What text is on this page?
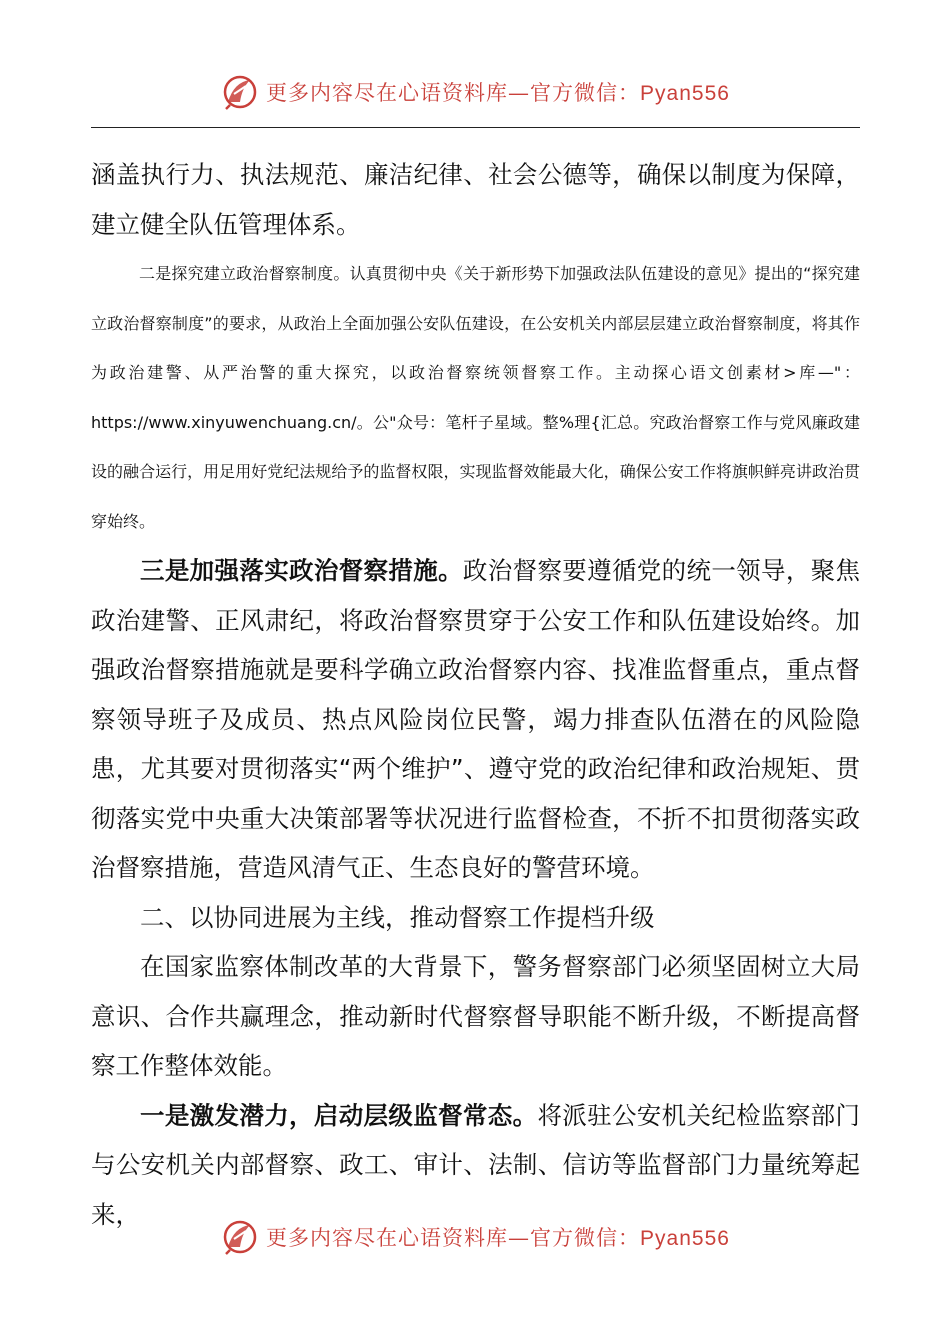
更多内容尽在心语资料库—官方微信：Pyan556

涵盖执行力、执法规范、廉洁纪律、社会公德等，确保以制度为保障，建立健全队伍管理体系。

二是探究建立政治督察制度。认真贯彻中央《关于新形势下加强政法队伍建设的意见》提出的“探究建立政治督察制度”的要求，从政治上全面加强公安队伍建设，在公安机关内部层层建立政治督察制度，将其作为政治建警、从严治警的重大探究，以政治督察统领督察工作。主动探心语文创素材>库—"：https://www.xinyuwenchuang.cn/。公"众号：笔杆子星域。整%理{汇总。究政治督察工作与党风廉政建设的融合运行，用足用好党纪法规给予的监督权限，实现监督效能最大化，确保公安工作将旗帜鲜亮讲政治贯穿始终。

三是加强落实政治督察措施。政治督察要遵循党的统一领导，聚焦政治建警、正风肃纪，将政治督察贯穿于公安工作和队伍建设始终。加强政治督察措施就是要科学确立政治督察内容、找准监督重点，重点督察领导班子及成员、热点风险岗位民警，竭力排查队伍潜在的风险隐患，尤其要对贯彻落实“两个维护”、遵守党的政治纪律和政治规矩、贯彻落实党中央重大决策部署等状况进行监督检查，不折不扣贯彻落实政治督察措施，营造风清气正、生态良好的警营环境。

二、以协同进展为主线，推动督察工作提档升级

在国家监察体制改革的大背景下，警务督察部门必须坚固树立大局意识、合作共赢理念，推动新时代督察督导职能不断升级，不断提高督察工作整体效能。

一是激发潜力，启动层级监督常态。将派驻公安机关纪检监察部门与公安机关内部督察、政工、审计、法制、信访等监督部门力量统筹起来，

更多内容尽在心语资料库—官方微信：Pyan556
